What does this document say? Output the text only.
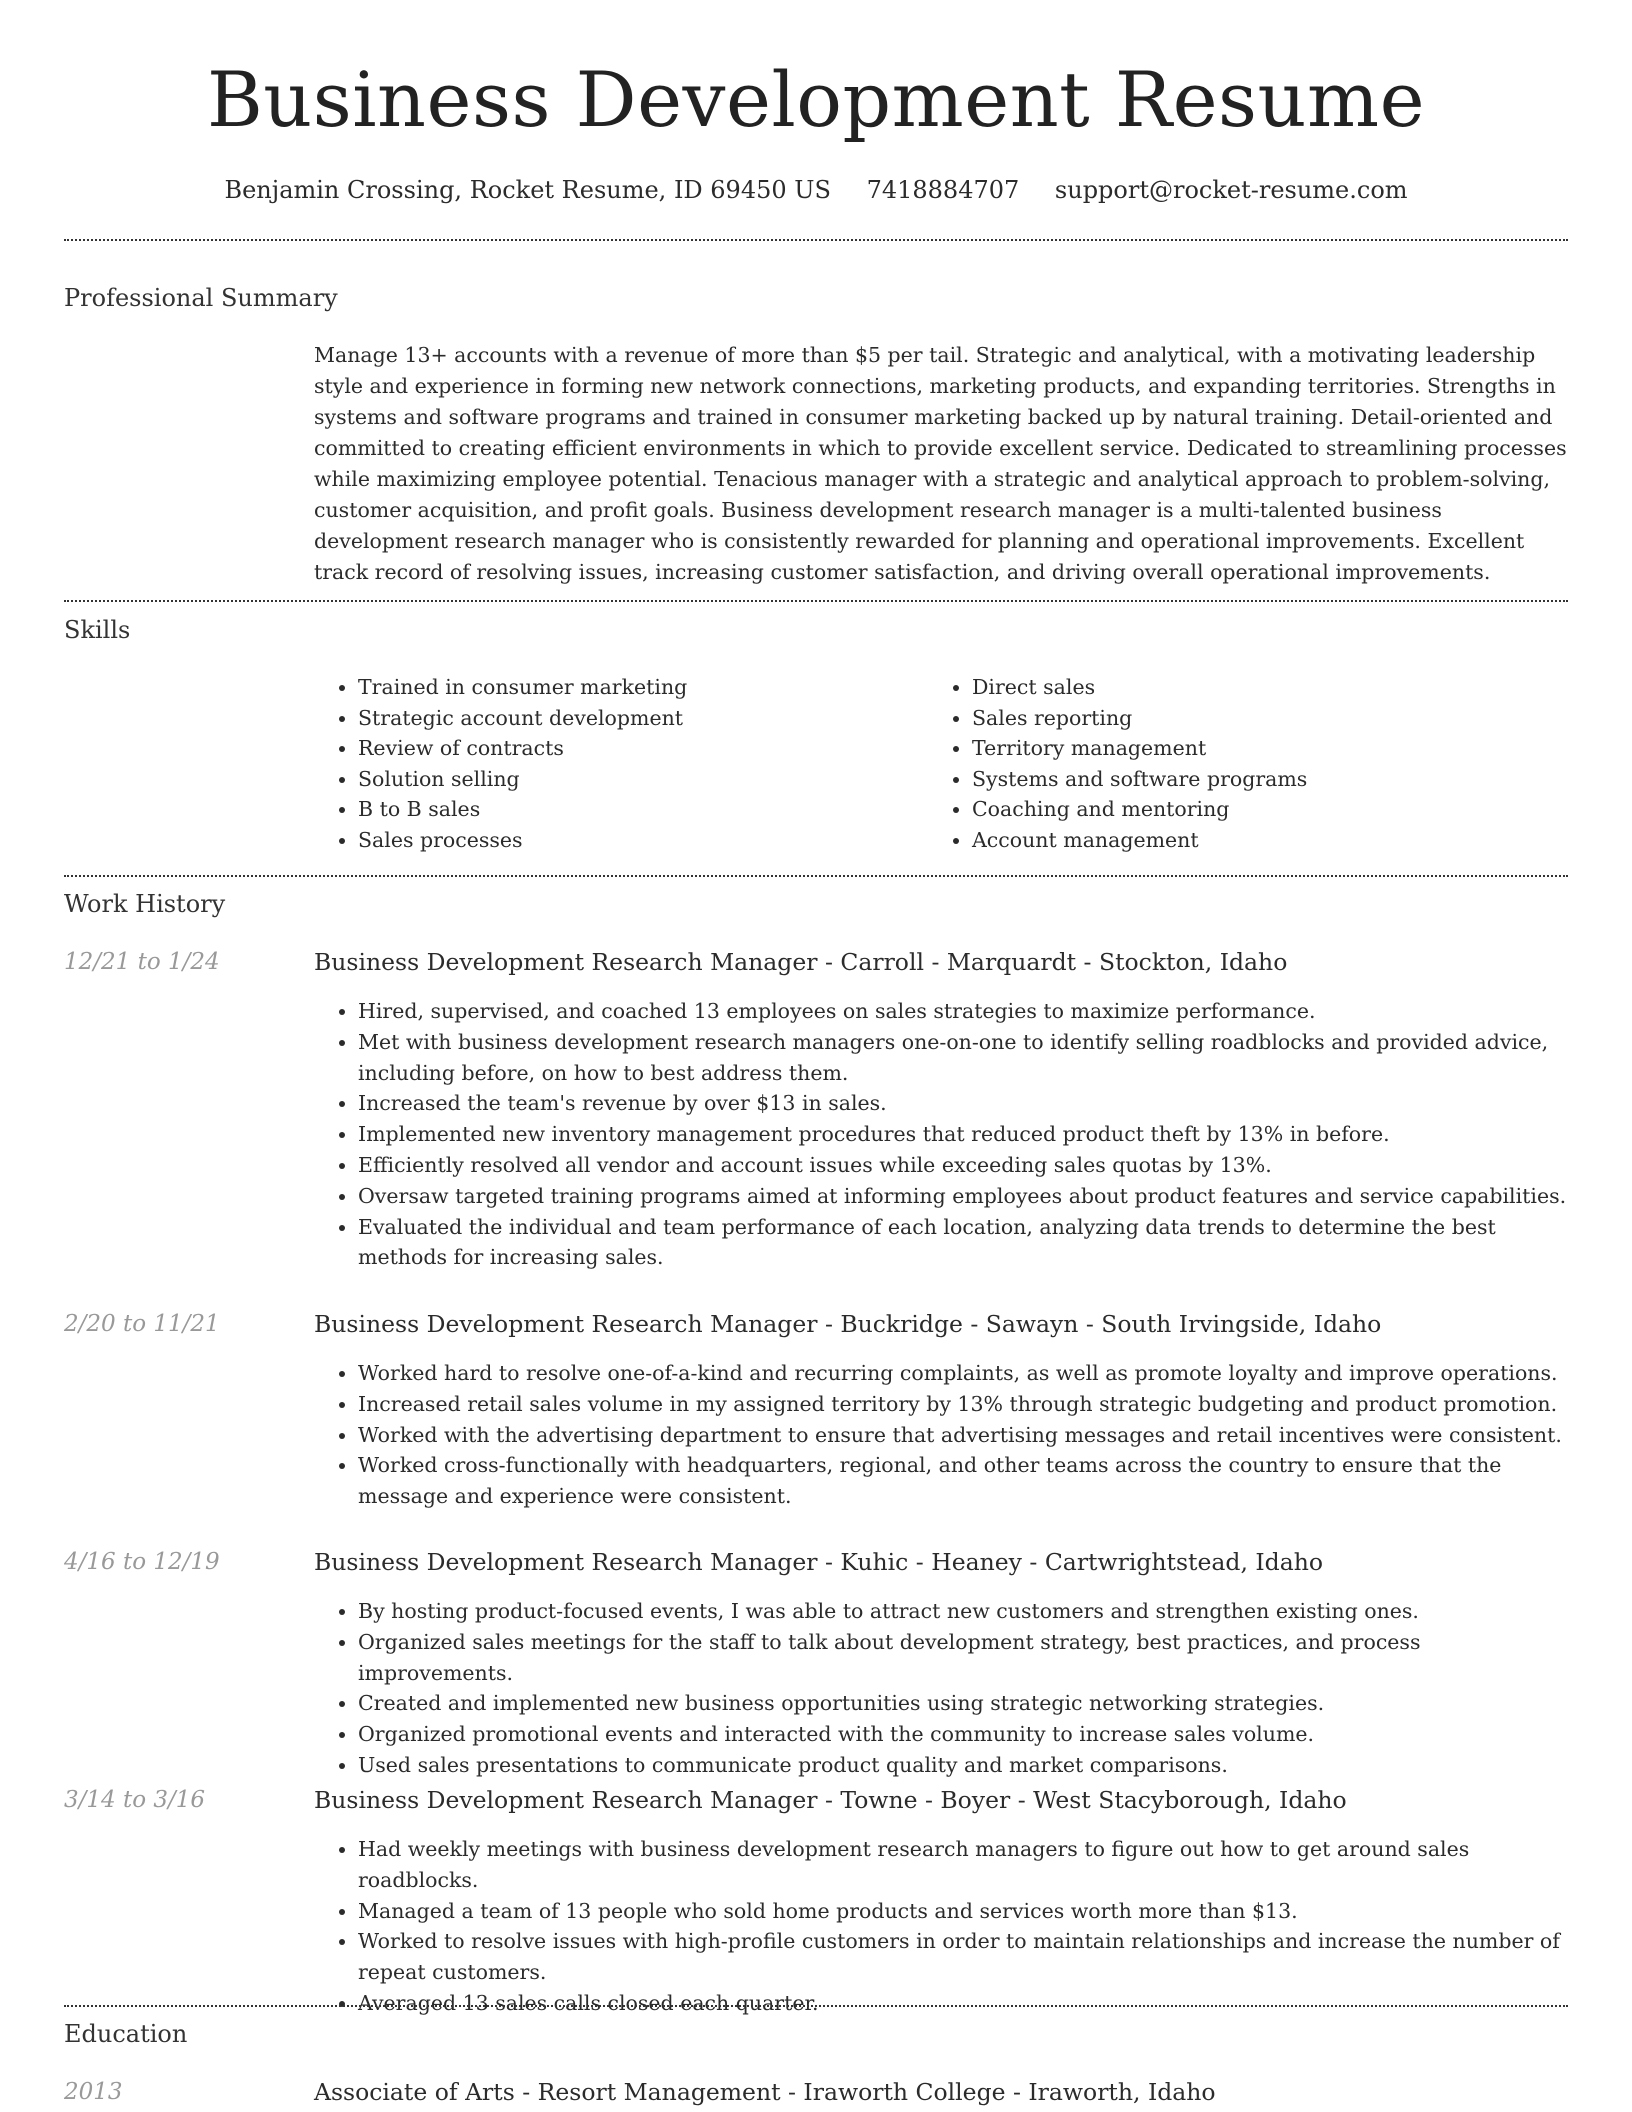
Business Development Resume
Benjamin Crossing, Rocket Resume, ID 69450 US 7418884707 support@rocket-resume.com
Professional Summary

Manage 13+ accounts with a revenue of more than $5 per tail. Strategic and analytical, with a motivating leadership style and experience in forming new network connections, marketing products, and expanding territories. Strengths in systems and software programs and trained in consumer marketing backed up by natural training. Detail-oriented and committed to creating efficient environments in which to provide excellent service. Dedicated to streamlining processes while maximizing employee potential. Tenacious manager with a strategic and analytical approach to problem-solving, customer acquisition, and profit goals. Business development research manager is a multi-talented business development research manager who is consistently rewarded for planning and operational improvements. Excellent track record of resolving issues, increasing customer satisfaction, and driving overall operational improvements.

Skills
• Trained in consumer marketing
• Strategic account development
• Review of contracts
• Solution selling
• B to B sales
• Sales processes
• Direct sales
• Sales reporting
• Territory management
• Systems and software programs
• Coaching and mentoring
• Account management
Work History
12/21 to 1/24	Business Development Research Manager - Carroll - Marquardt - Stockton, Idaho
• Hired, supervised, and coached 13 employees on sales strategies to maximize performance.
• Met with business development research managers one-on-one to identify selling roadblocks and provided advice, including before, on how to best address them.
• Increased the team's revenue by over $13 in sales.
• Implemented new inventory management procedures that reduced product theft by 13% in before.
• Efficiently resolved all vendor and account issues while exceeding sales quotas by 13%.
• Oversaw targeted training programs aimed at informing employees about product features and service capabilities.
• Evaluated the individual and team performance of each location, analyzing data trends to determine the best methods for increasing sales.
2/20 to 11/21	Business Development Research Manager - Buckridge - Sawayn - South Irvingside, Idaho
• Worked hard to resolve one-of-a-kind and recurring complaints, as well as promote loyalty and improve operations.
• Increased retail sales volume in my assigned territory by 13% through strategic budgeting and product promotion.
• Worked with the advertising department to ensure that advertising messages and retail incentives were consistent.
• Worked cross-functionally with headquarters, regional, and other teams across the country to ensure that the message and experience were consistent.
4/16 to 12/19	Business Development Research Manager - Kuhic - Heaney - Cartwrightstead, Idaho
• By hosting product-focused events, I was able to attract new customers and strengthen existing ones.
• Organized sales meetings for the staff to talk about development strategy, best practices, and process improvements.
• Created and implemented new business opportunities using strategic networking strategies.
• Organized promotional events and interacted with the community to increase sales volume.
• Used sales presentations to communicate product quality and market comparisons.
3/14 to 3/16	Business Development Research Manager - Towne - Boyer - West Stacyborough, Idaho
• Had weekly meetings with business development research managers to figure out how to get around sales roadblocks.
• Managed a team of 13 people who sold home products and services worth more than $13.
• Worked to resolve issues with high-profile customers in order to maintain relationships and increase the number of repeat customers.
• Averaged 13 sales calls closed each quarter.
Education
2013	Associate of Arts - Resort Management - Iraworth College - Iraworth, Idaho
